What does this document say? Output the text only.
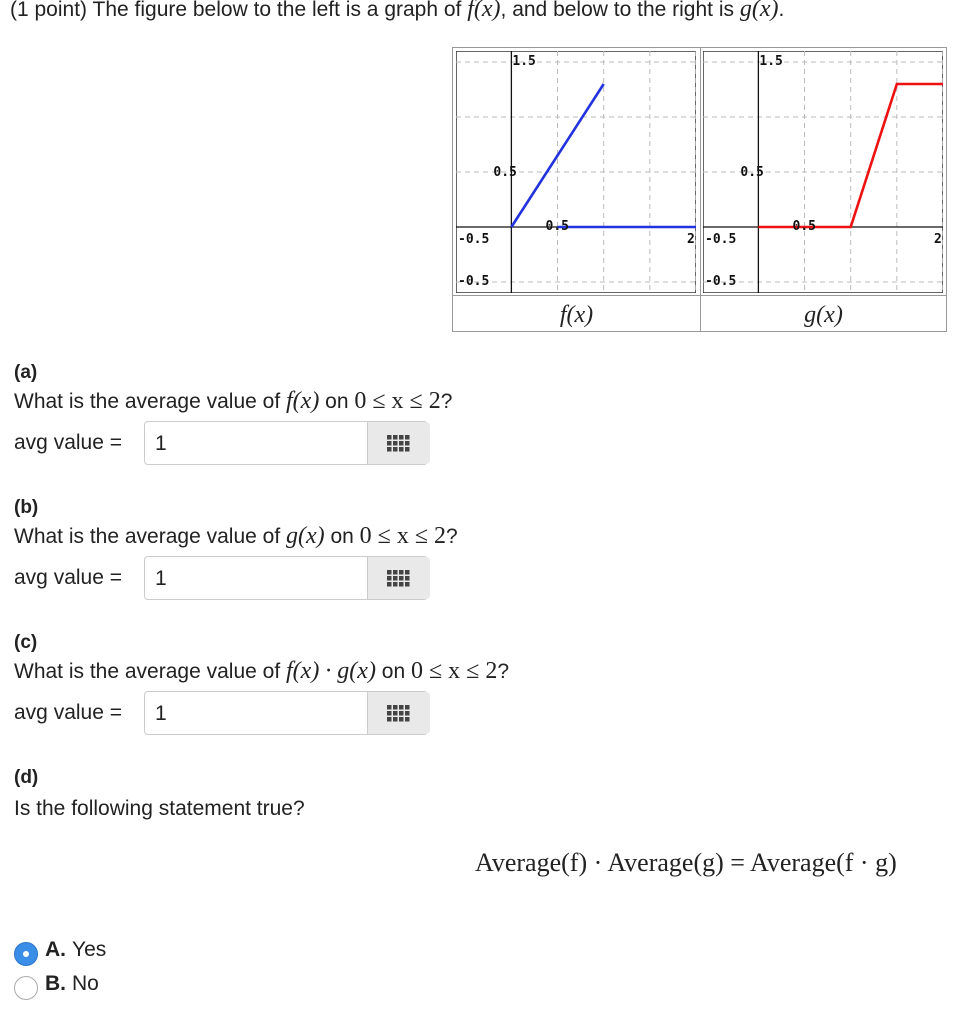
(1 point) The figure below to the left is a graph of f(x), and below to the right is g(x).
1.5
0.5
-0.5
0.5
-0.5
2
1.5
0.5
-0.5
0.5
-0.5
2
f(x)	g(x)
(a)
What is the average value of f(x) on 0 ≤ x ≤ 2?
avg value = 1
(b)
What is the average value of g(x) on 0 ≤ x ≤ 2?
avg value = 1
(c)
What is the average value of f(x) · g(x) on 0 ≤ x ≤ 2?
avg value = 1
(d)
Is the following statement true?
Average(f) · Average(g) = Average(f · g)
A. Yes
B. No
